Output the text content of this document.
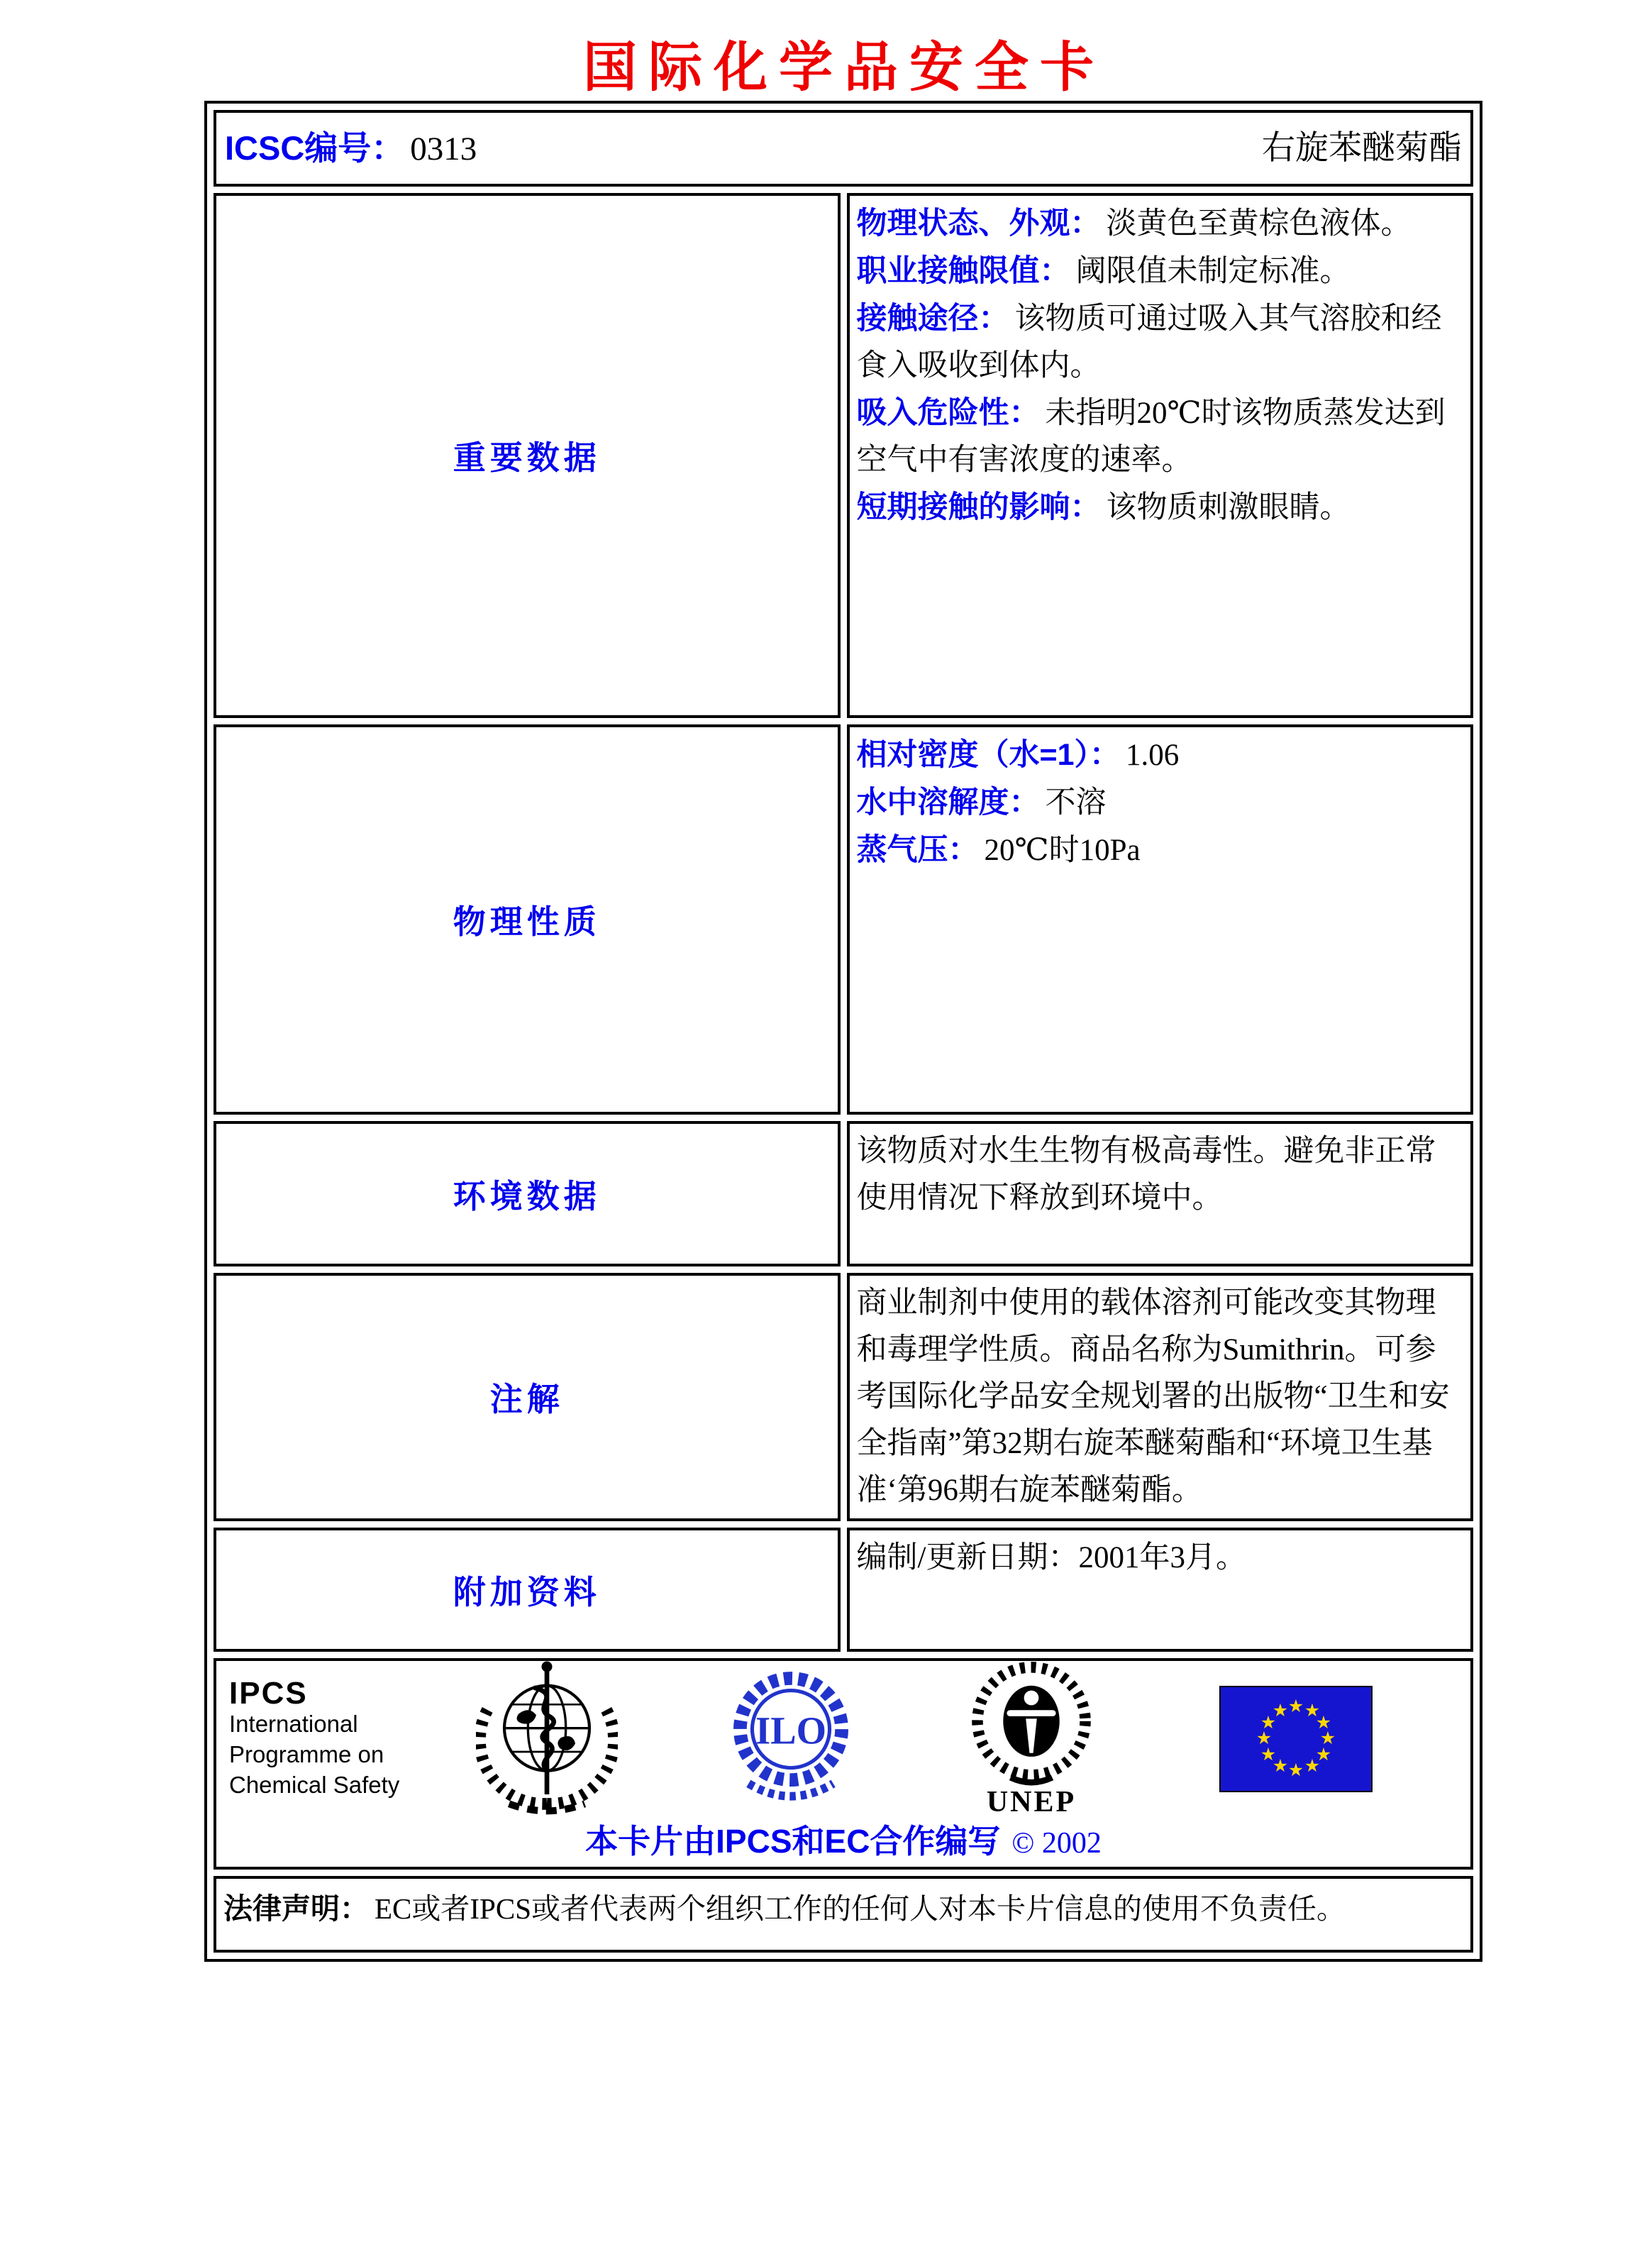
国际化学品安全卡
ICSC编号： 0313 右旋苯醚菊酯	

重要数据	物理状态、外观： 淡黄色至黄棕色液体。
职业接触限值： 阈限值未制定标准。
接触途径： 该物质可通过吸入其气溶胶和经食入吸收到体内。
吸入危险性： 未指明20℃时该物质蒸发达到空气中有害浓度的速率。
短期接触的影响： 该物质刺激眼睛。

物理性质	相对密度（水=1）： 1.06
水中溶解度： 不溶
蒸气压： 20℃时10Pa

环境数据	该物质对水生生物有极高毒性。避免非正常使用情况下释放到环境中。

注解	商业制剂中使用的载体溶剂可能改变其物理和毒理学性质。商品名称为Sumithrin。可参考国际化学品安全规划署的出版物“卫生和安全指南”第32期右旋苯醚菊酯和“环境卫生基准‘第96期右旋苯醚菊酯。

附加资料	编制/更新日期：2001年3月。

IPCS
International
Programme on
Chemical Safety
ILO
UNEP
★ ★
★
★
★
★
★
★
★
★
★
★
本卡片由IPCS和EC合作编写 © 2002

法律声明： EC或者IPCS或者代表两个组织工作的任何人对本卡片信息的使用不负责任。	
